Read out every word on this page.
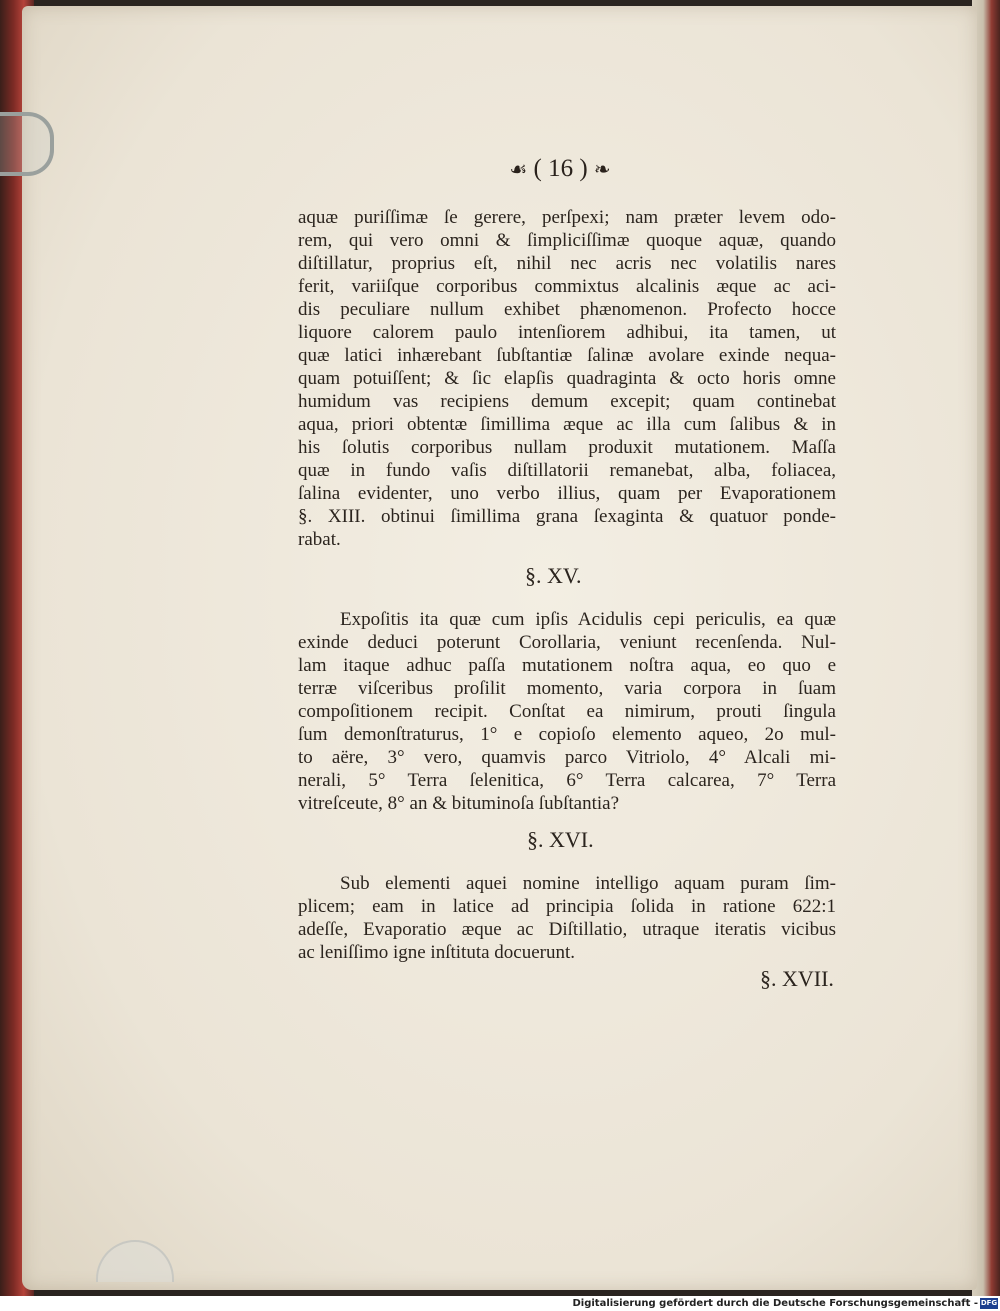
☙ ( 16 ) ❧
aquæ puriſſimæ ſe gerere, perſpexi; nam præter levem odo-
rem, qui vero omni & ſimpliciſſimæ quoque aquæ, quando
diſtillatur, proprius eſt, nihil nec acris nec volatilis nares
ferit, variiſque corporibus commixtus alcalinis æque ac aci-
dis peculiare nullum exhibet phænomenon. Profecto hocce
liquore calorem paulo intenſiorem adhibui, ita tamen, ut
quæ latici inhærebant ſubſtantiæ ſalinæ avolare exinde nequa-
quam potuiſſent; & ſic elapſis quadraginta & octo horis omne
humidum vas recipiens demum excepit; quam continebat
aqua, priori obtentæ ſimillima æque ac illa cum ſalibus & in
his ſolutis corporibus nullam produxit mutationem. Maſſa
quæ in fundo vaſis diſtillatorii remanebat, alba, foliacea,
ſalina evidenter, uno verbo illius, quam per Evaporationem
§. XIII. obtinui ſimillima grana ſexaginta & quatuor ponde-
rabat.
§. XV.
Expoſitis ita quæ cum ipſis Acidulis cepi periculis, ea quæ
exinde deduci poterunt Corollaria, veniunt recenſenda. Nul-
lam itaque adhuc paſſa mutationem noſtra aqua, eo quo e
terræ viſceribus proſilit momento, varia corpora in ſuam
compoſitionem recipit. Conſtat ea nimirum, prouti ſingula
ſum demonſtraturus, 1° e copioſo elemento aqueo, 2o mul-
to aëre, 3° vero, quamvis parco Vitriolo, 4° Alcali mi-
nerali, 5° Terra ſelenitica, 6° Terra calcarea, 7° Terra
vitreſceute, 8° an & bituminoſa ſubſtantia?
§. XVI.
Sub elementi aquei nomine intelligo aquam puram ſim-
plicem; eam in latice ad principia ſolida in ratione 622:1
adeſſe, Evaporatio æque ac Diſtillatio, utraque iteratis vicibus
ac leniſſimo igne inſtituta docuerunt.
§. XVII.
Digitalisierung gefördert durch die Deutsche Forschungsgemeinschaft - DFG
